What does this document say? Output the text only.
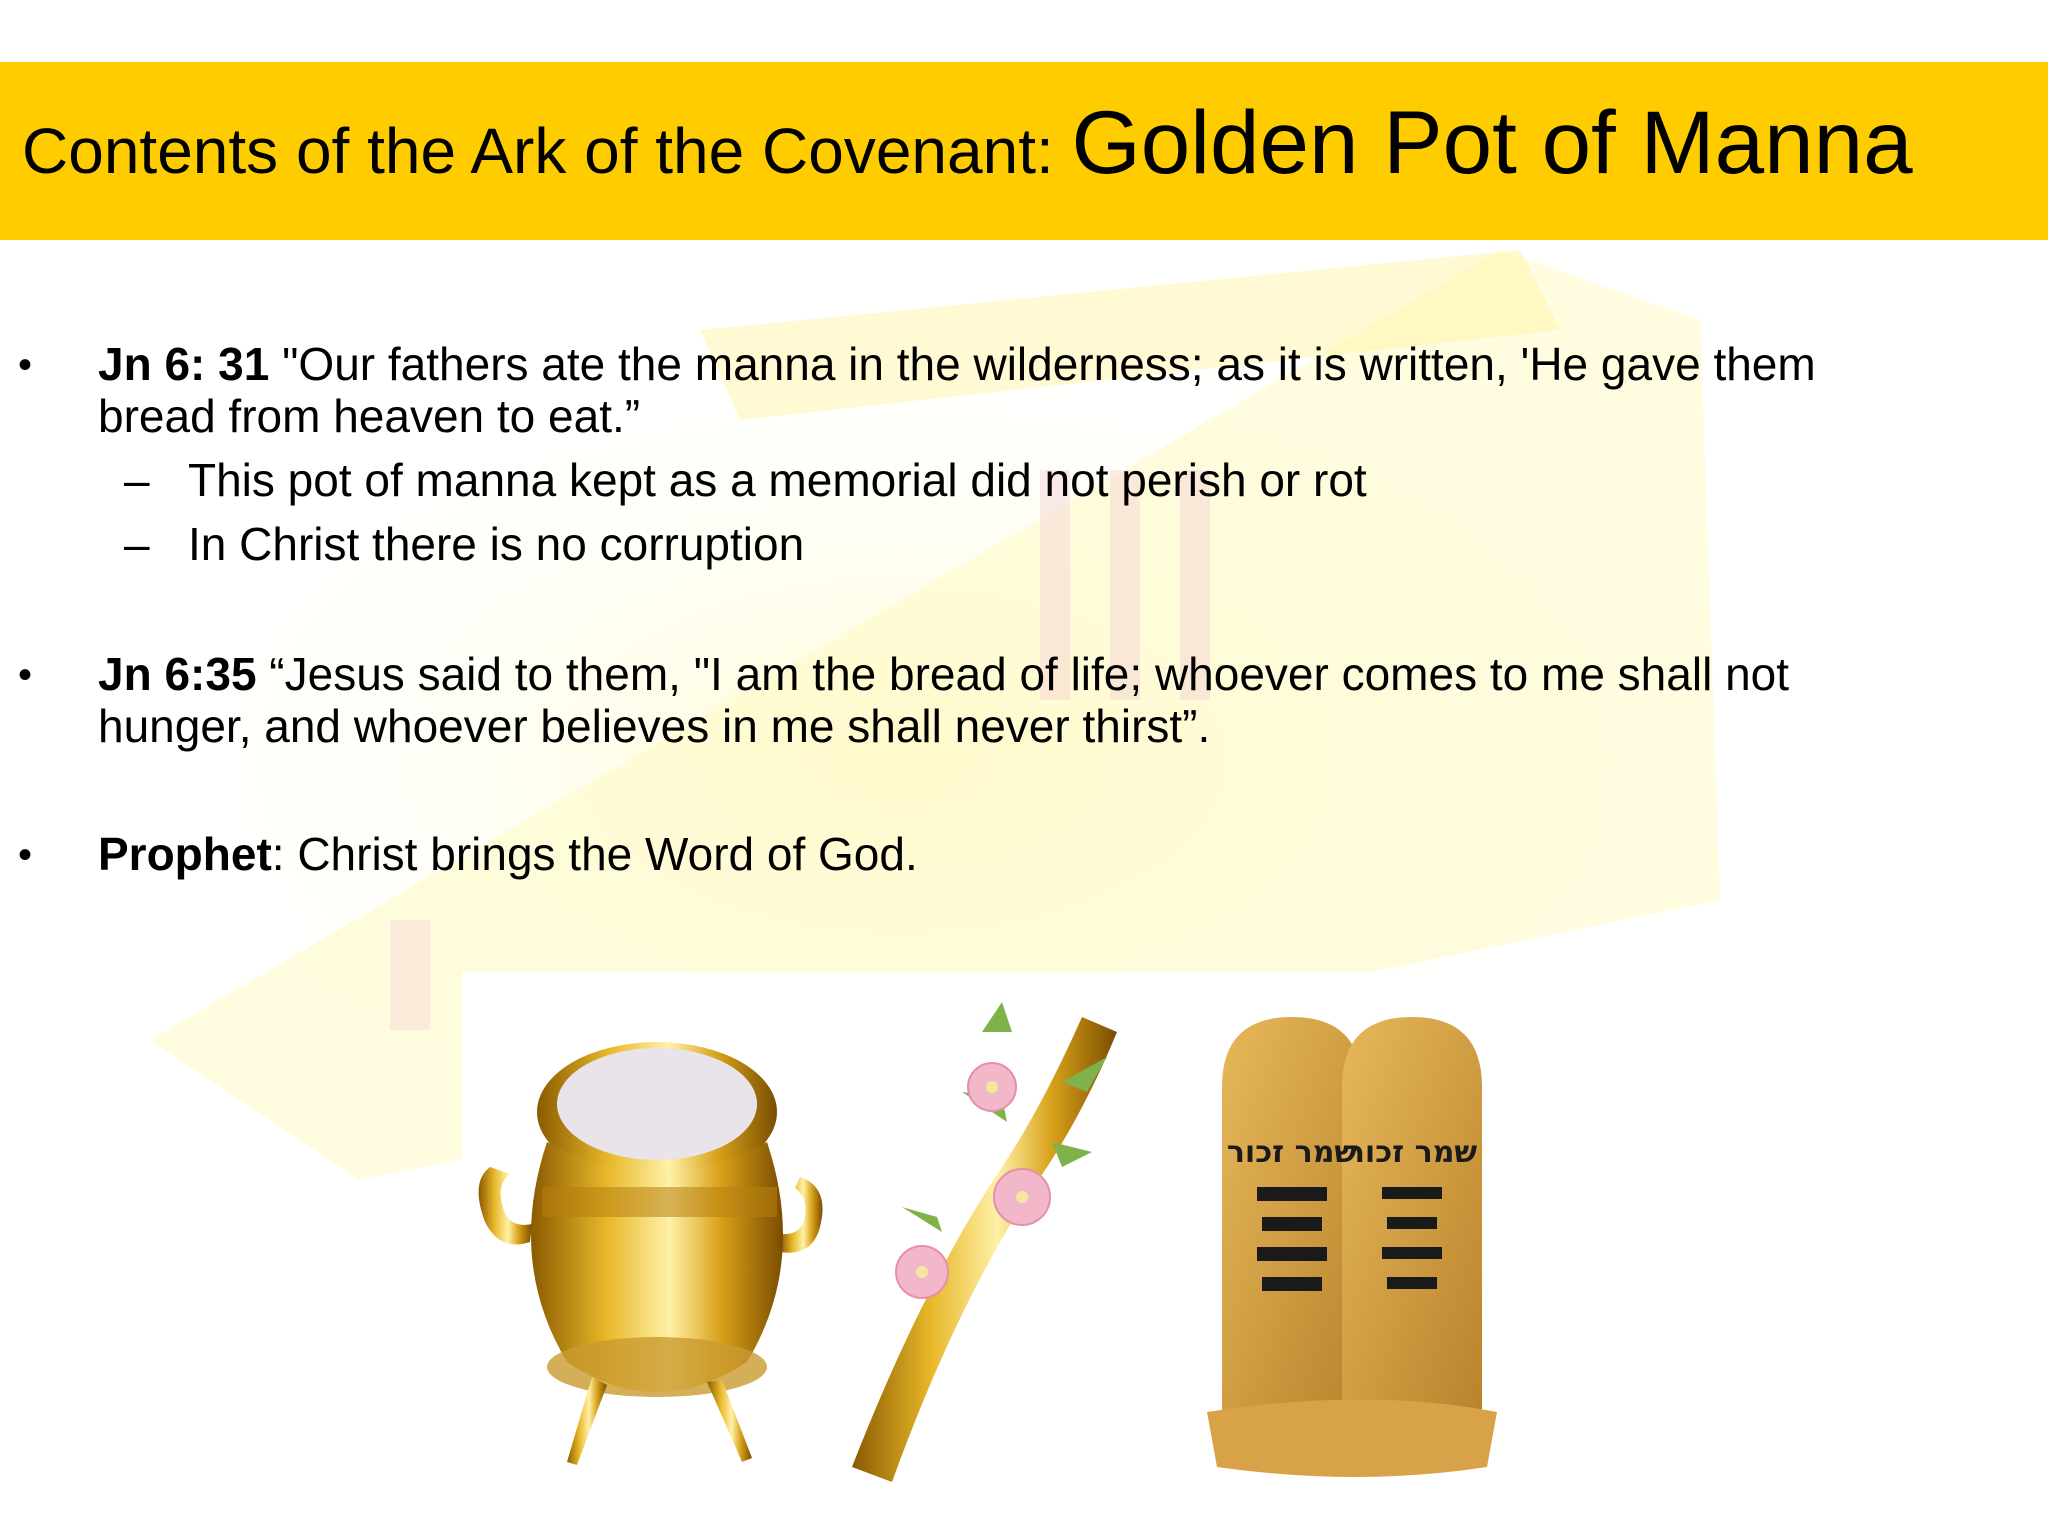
Contents of the Ark of the Covenant: Golden Pot of Manna
• Jn 6: 31 "Our fathers ate the manna in the wilderness; as it is written, 'He gave them
bread from heaven to eat.”
– This pot of manna kept as a memorial did not perish or rot
– In Christ there is no corruption
• Jn 6:35 “Jesus said to them, "I am the bread of life; whoever comes to me shall not
hunger, and whoever believes in me shall never thirst”.
• Prophet: Christ brings the Word of God.
שמר זכור
שמר זכור
